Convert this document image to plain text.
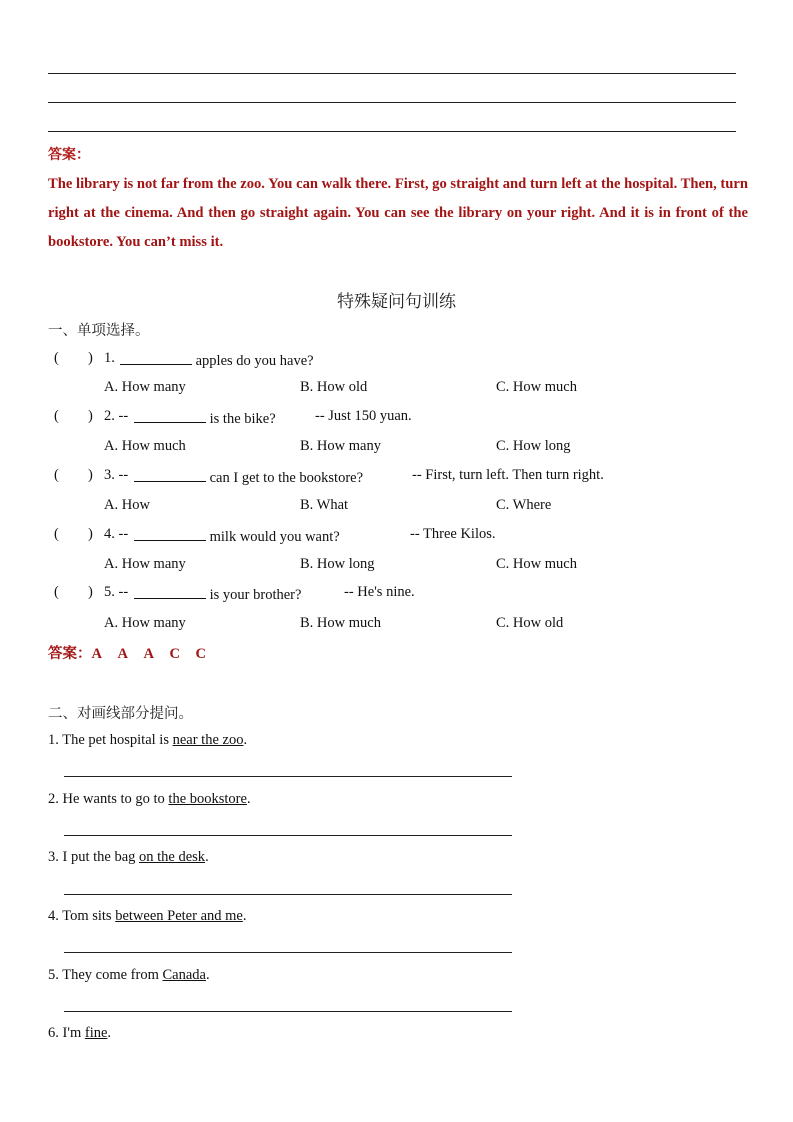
答案：
The library is not far from the zoo. You can walk there. First, go straight and turn left at the hospital. Then, turn right at the cinema. And then go straight again. You can see the library on your right. And it is in front of the bookstore. You can’t miss it.
特殊疑问句训练
一、单项选择。
( ) 1.	apples do you have?
A. How many	B. How old	C. How much
( ) 2. --	is the bike?	-- Just 150 yuan.
A. How much	B. How many	C. How long
( ) 3. --	can I get to the bookstore?	-- First, turn left. Then turn right.
A. How	B. What	C. Where
( ) 4. --	milk would you want?	-- Three Kilos.
A. How many	B. How long	C. How much
( ) 5. --	is your brother?	-- He's nine.
A. How many	B. How much	C. How old
答案：A A A C C
二、对画线部分提问。
1. The pet hospital is near the zoo.
2. He wants to go to the bookstore.
3. I put the bag on the desk.
4. Tom sits between Peter and me.
5. They come from Canada.
6. I'm fine.
